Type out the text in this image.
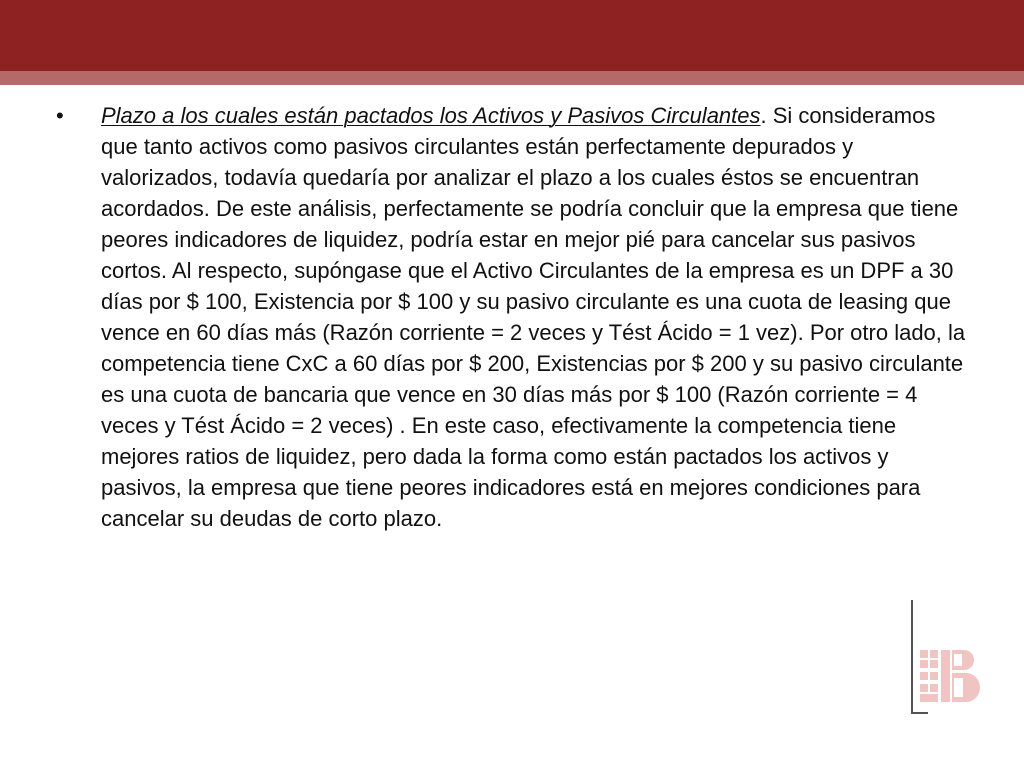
• Plazo a los cuales están pactados los Activos y Pasivos Circulantes. Si consideramos que tanto activos como pasivos circulantes están perfectamente depurados y valorizados, todavía quedaría por analizar el plazo a los cuales éstos se encuentran acordados. De este análisis, perfectamente se podría concluir que la empresa que tiene peores indicadores de liquidez, podría estar en mejor pié para cancelar sus pasivos cortos. Al respecto, supóngase que el Activo Circulantes de la empresa es un DPF a 30 días por $ 100, Existencia por $ 100 y su pasivo circulante es una cuota de leasing que vence en 60 días más (Razón corriente = 2 veces y Tést Ácido = 1 vez). Por otro lado, la competencia tiene CxC a 60 días por $ 200, Existencias por $ 200 y su pasivo circulante es una cuota de bancaria que vence en 30 días más por $ 100 (Razón corriente = 4 veces y Tést Ácido = 2 veces) . En este caso, efectivamente la competencia tiene mejores ratios de liquidez, pero dada la forma como están pactados los activos y pasivos, la empresa que tiene peores indicadores está en mejores condiciones para cancelar su deudas de corto plazo.
